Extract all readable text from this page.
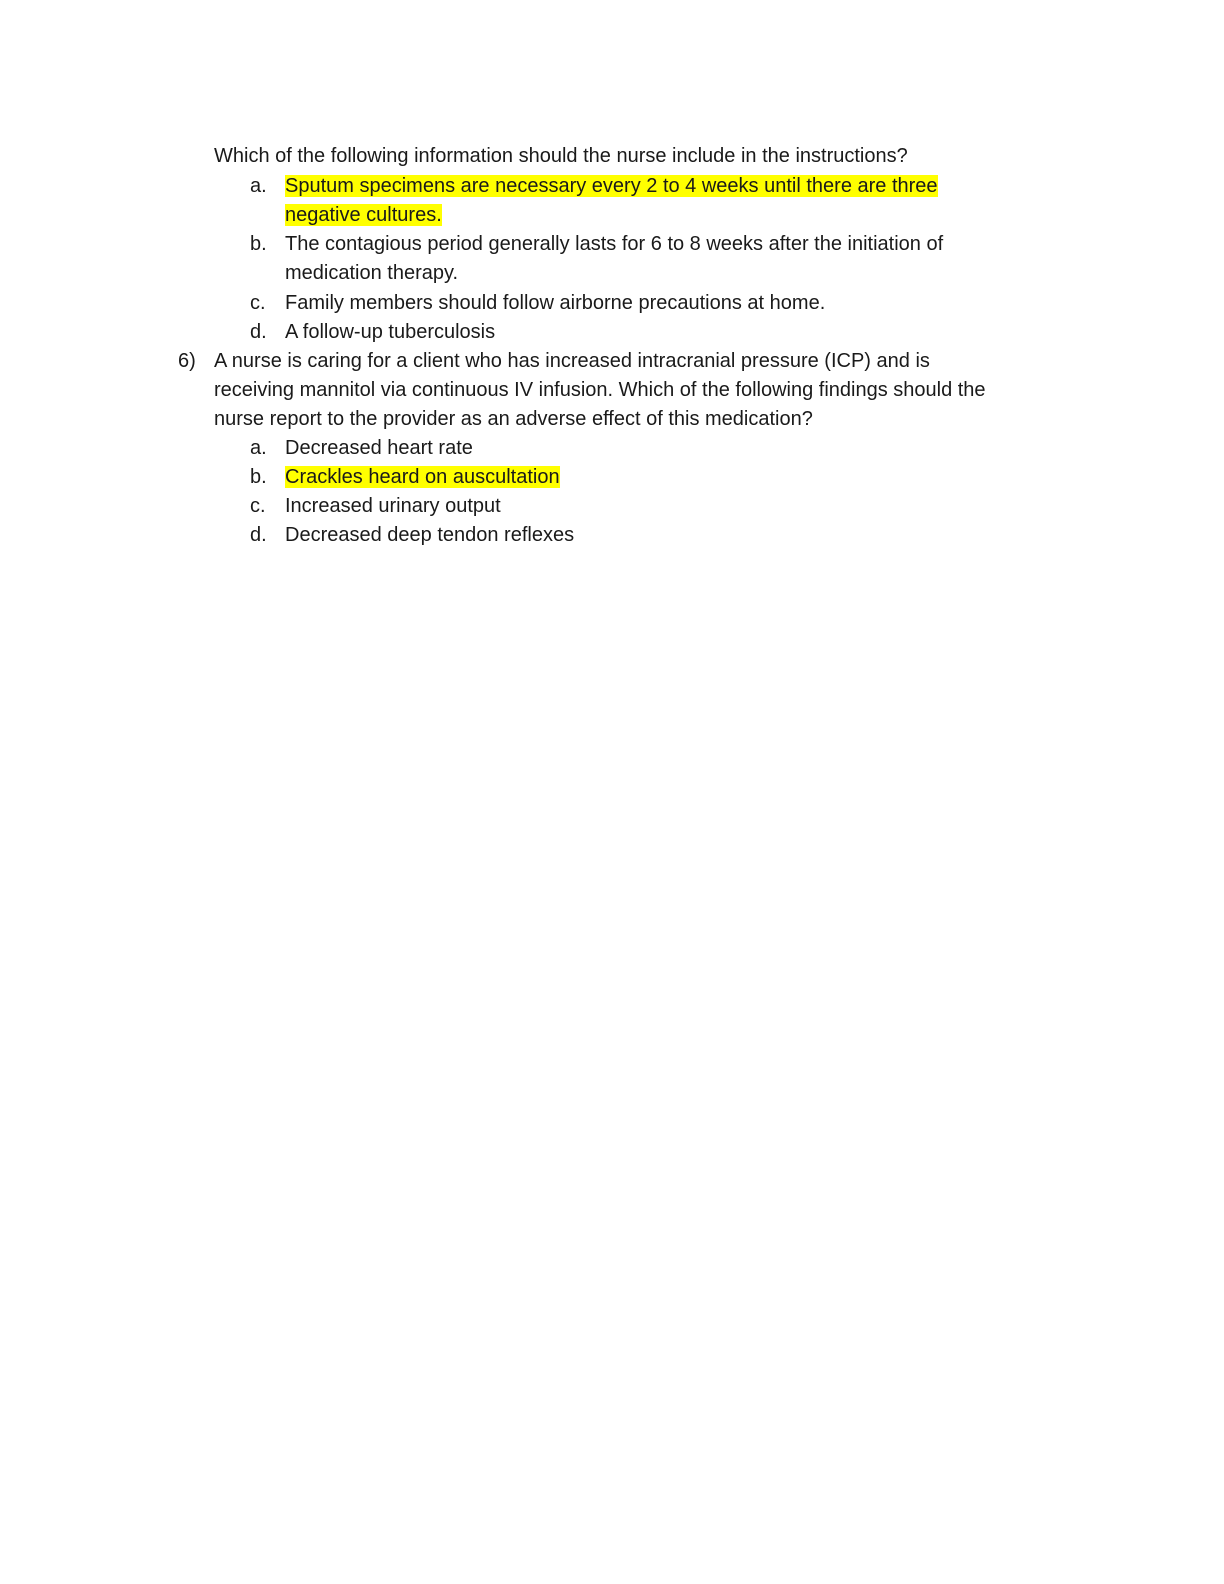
Which of the following information should the nurse include in the instructions?
a. Sputum specimens are necessary every 2 to 4 weeks until there are three
negative cultures.
b. The contagious period generally lasts for 6 to 8 weeks after the initiation of
medication therapy.
c. Family members should follow airborne precautions at home.
d. A follow-up tuberculosis
6) A nurse is caring for a client who has increased intracranial pressure (ICP) and is
receiving mannitol via continuous IV infusion. Which of the following findings should the
nurse report to the provider as an adverse effect of this medication?
a. Decreased heart rate
b. Crackles heard on auscultation
c. Increased urinary output
d. Decreased deep tendon reflexes
